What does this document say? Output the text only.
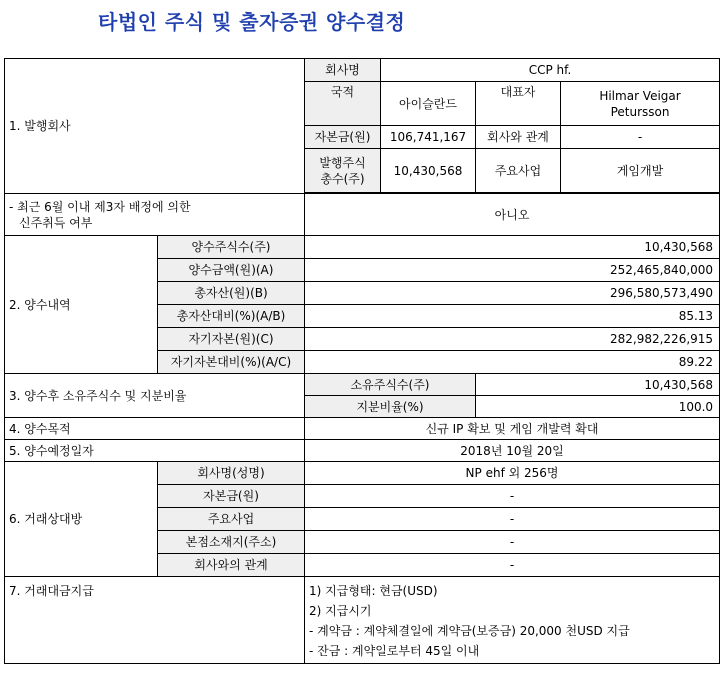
타법인 주식 및 출자증권 양수결정
1. 발행회사		회사명	CCP hf.		
		국적	아이슬란드	대표자	Hilmar Veigar
Petursson

		자본금(원)	106,741,167	회사와 관계	-

		발행주식
총수(주)	10,430,568	주요사업	게임개발

- 최근 6월 이내 제3자 배정에 의한
신주취득 여부		아니오			
2. 양수내역	양수주식수(주)	10,430,568			
	양수금액(원)(A)	252,465,840,000			
	총자산(원)(B)	296,580,573,490			
	총자산대비(%)(A/B)	85.13			
	자기자본(원)(C)	282,982,226,915			
	자기자본대비(%)(A/C)	89.22			
3. 양수후 소유주식수 및 지분비율		소유주식수(주)		10,430,568	
		지분비율(%)		100.0	
4. 양수목적		신규 IP 확보 및 게임 개발력 확대			
5. 양수예정일자		2018년 10월 20일			
6. 거래상대방	회사명(성명)	NP ehf 외 256명			
	자본금(원)	-			
	주요사업	-			
	본점소재지(주소)	-			
	회사와의 관계	-			
7. 거래대금지급		1) 지급형태: 현금(USD)
2) 지급시기
- 계약금 : 계약체결일에 계약금(보증금) 20,000 천USD 지급
- 잔금 : 계약일로부터 45일 이내			
